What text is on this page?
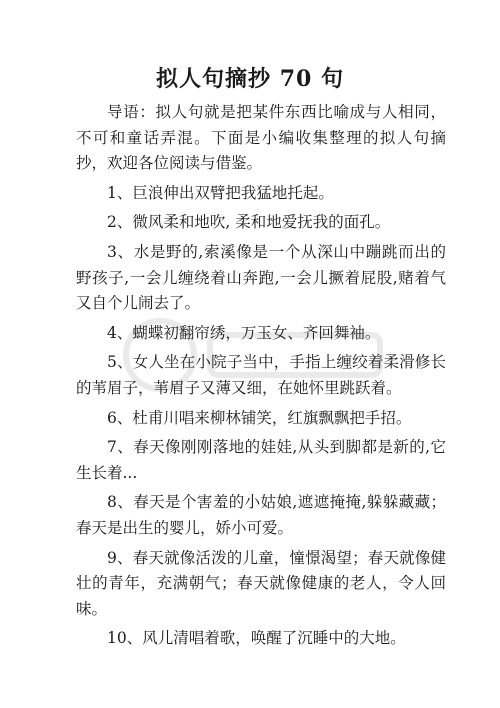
拟人句摘抄 70 句

导语：拟人句就是把某件东西比喻成与人相同，不可和童话弄混。下面是小编收集整理的拟人句摘抄，欢迎各位阅读与借鉴。

1、巨浪伸出双臂把我猛地托起。

2、微风柔和地吹, 柔和地爱抚我的面孔。

3、水是野的,索溪像是一个从深山中蹦跳而出的野孩子,一会儿缠绕着山奔跑,一会儿撅着屁股,赌着气又自个儿闹去了。

4、蝴蝶初翻帘绣，万玉女、齐回舞袖。

5、女人坐在小院子当中，手指上缠绞着柔滑修长的苇眉子，苇眉子又薄又细，在她怀里跳跃着。

6、杜甫川唱来柳林铺笑，红旗飘飘把手招。

7、春天像刚刚落地的娃娃,从头到脚都是新的,它生长着...

8、春天是个害羞的小姑娘,遮遮掩掩,躲躲藏藏；春天是出生的婴儿，娇小可爱。

9、春天就像活泼的儿童，憧憬渴望；春天就像健壮的青年，充满朝气；春天就像健康的老人，令人回味。

10、风儿清唱着歌，唤醒了沉睡中的大地。
